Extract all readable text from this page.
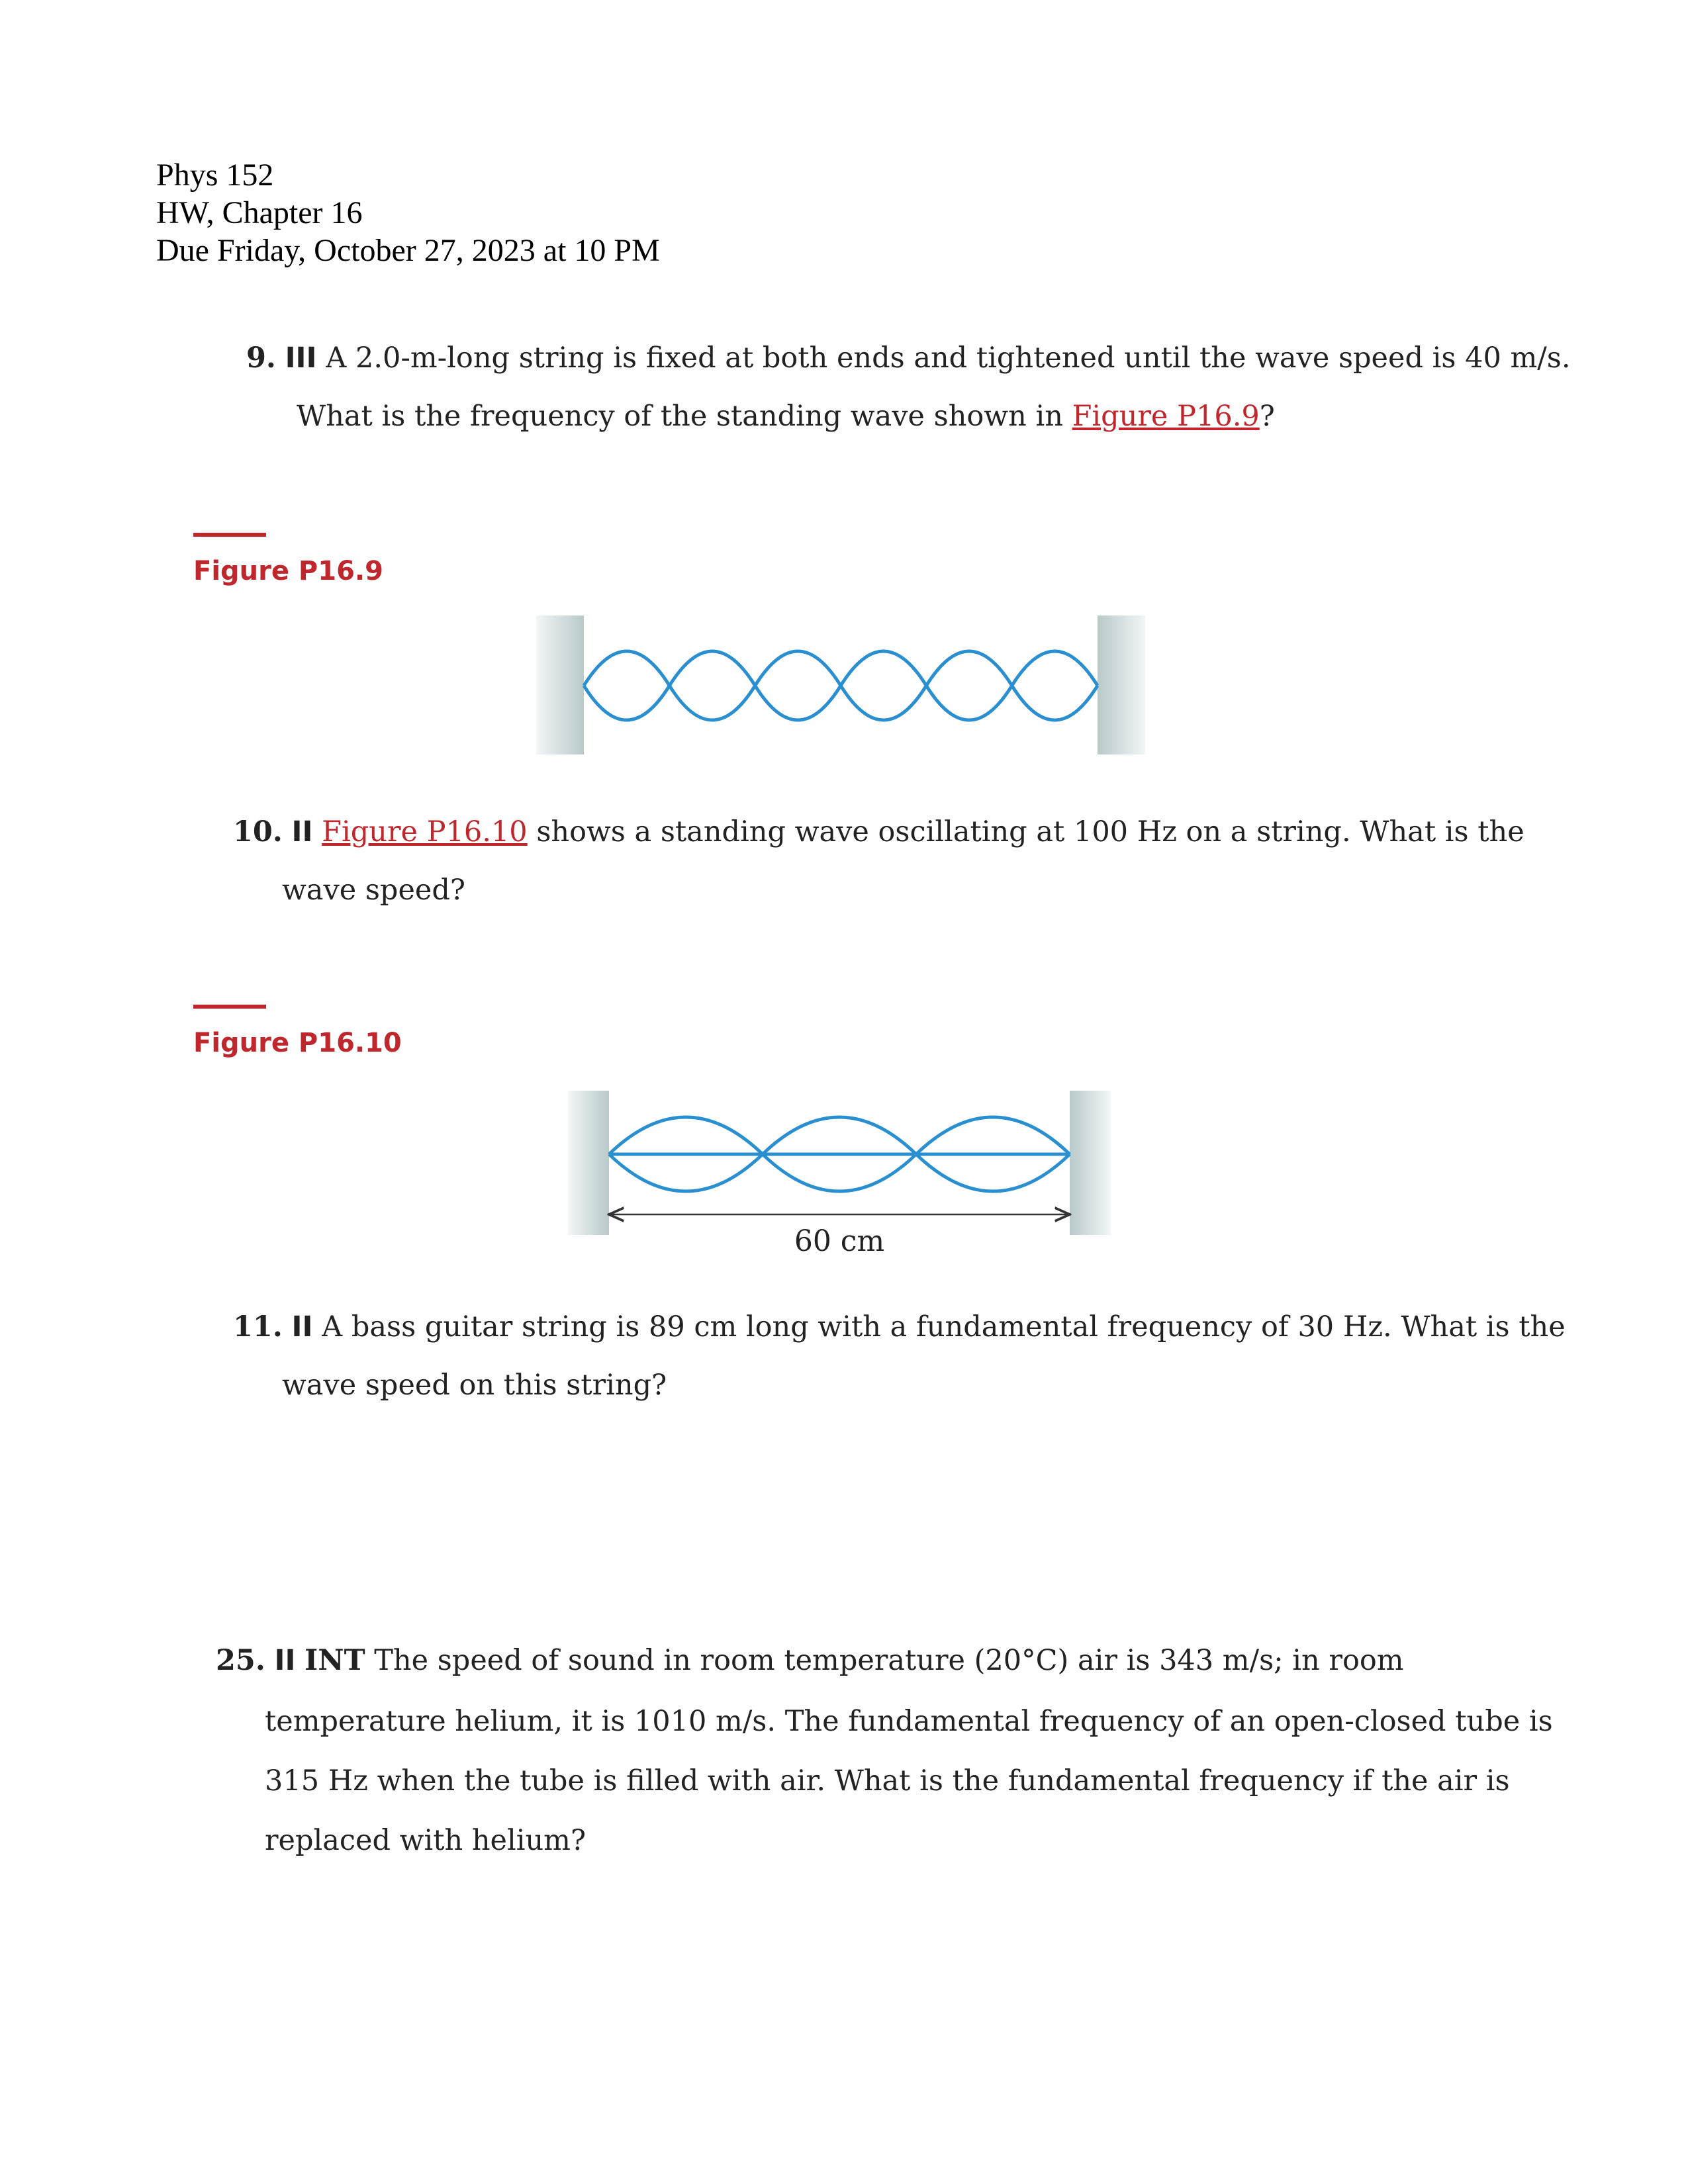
Phys 152
HW, Chapter 16
Due Friday, October 27, 2023 at 10 PM
9. III A 2.0-m-long string is fixed at both ends and tightened until the wave speed is 40 m/s.
What is the frequency of the standing wave shown in Figure P16.9?
Figure P16.9
10. II Figure P16.10 shows a standing wave oscillating at 100 Hz on a string. What is the
wave speed?
Figure P16.10
60 cm
11. II A bass guitar string is 89 cm long with a fundamental frequency of 30 Hz. What is the
wave speed on this string?
25. II INT The speed of sound in room temperature (20°C) air is 343 m/s; in room
temperature helium, it is 1010 m/s. The fundamental frequency of an open-closed tube is
315 Hz when the tube is filled with air. What is the fundamental frequency if the air is
replaced with helium?
